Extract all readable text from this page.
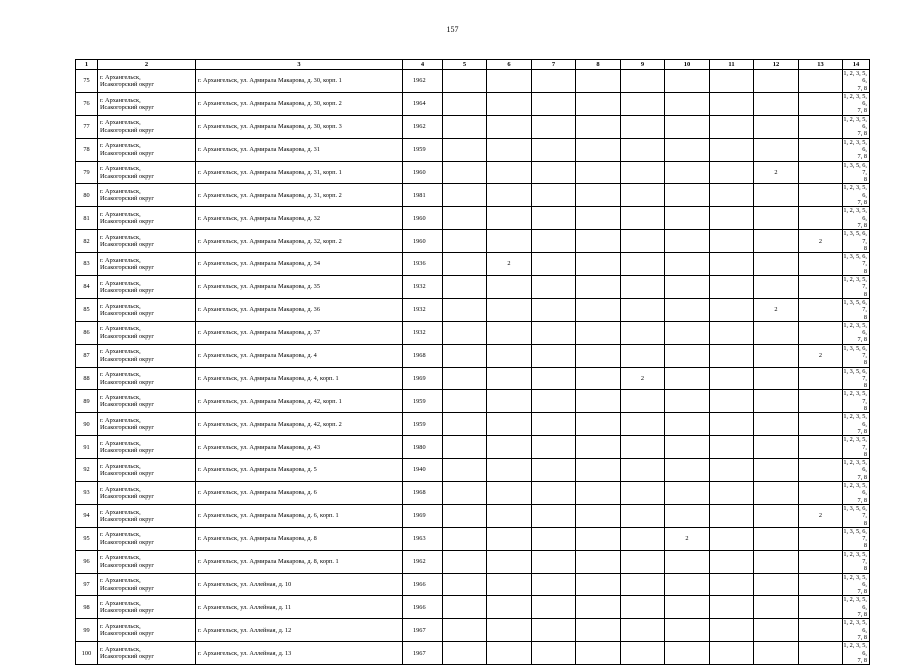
157
1	2	3	4	5	6	7	8	9	10	11	12	13	14
75	г. Архангельск,
Исакогорский округ	г. Архангельск, ул. Адмирала Макарова, д. 30, корп. 1	1962										1, 2, 3, 5, 6,
7, 8
76	г. Архангельск,
Исакогорский округ	г. Архангельск, ул. Адмирала Макарова, д. 30, корп. 2	1964										1, 2, 3, 5, 6,
7, 8
77	г. Архангельск,
Исакогорский округ	г. Архангельск, ул. Адмирала Макарова, д. 30, корп. 3	1962										1, 2, 3, 5, 6,
7, 8
78	г. Архангельск,
Исакогорский округ	г. Архангельск, ул. Адмирала Макарова, д. 31	1959										1, 2, 3, 5, 6,
7, 8
79	г. Архангельск,
Исакогорский округ	г. Архангельск, ул. Адмирала Макарова, д. 31, корп. 1	1960								2		1, 3, 5, 6, 7,
8
80	г. Архангельск,
Исакогорский округ	г. Архангельск, ул. Адмирала Макарова, д. 31, корп. 2	1981										1, 2, 3, 5, 6,
7, 8
81	г. Архангельск,
Исакогорский округ	г. Архангельск, ул. Адмирала Макарова, д. 32	1960										1, 2, 3, 5, 6,
7, 8
82	г. Архангельск,
Исакогорский округ	г. Архангельск, ул. Адмирала Макарова, д. 32, корп. 2	1960									2	1, 3, 5, 6, 7,
8
83	г. Архангельск,
Исакогорский округ	г. Архангельск, ул. Адмирала Макарова, д. 34	1936		2								1, 3, 5, 6, 7,
8
84	г. Архангельск,
Исакогорский округ	г. Архангельск, ул. Адмирала Макарова, д. 35	1932										1, 2, 3, 5, 7,
8
85	г. Архангельск,
Исакогорский округ	г. Архангельск, ул. Адмирала Макарова, д. 36	1932								2		1, 3, 5, 6, 7,
8
86	г. Архангельск,
Исакогорский округ	г. Архангельск, ул. Адмирала Макарова, д. 37	1932										1, 2, 3, 5, 6,
7, 8
87	г. Архангельск,
Исакогорский округ	г. Архангельск, ул. Адмирала Макарова, д. 4	1968									2	1, 3, 5, 6, 7,
8
88	г. Архангельск,
Исакогорский округ	г. Архангельск, ул. Адмирала Макарова, д. 4, корп. 1	1969					2					1, 3, 5, 6, 7,
8
89	г. Архангельск,
Исакогорский округ	г. Архангельск, ул. Адмирала Макарова, д. 42, корп. 1	1959										1, 2, 3, 5, 7,
8
90	г. Архангельск,
Исакогорский округ	г. Архангельск, ул. Адмирала Макарова, д. 42, корп. 2	1959										1, 2, 3, 5, 6,
7, 8
91	г. Архангельск,
Исакогорский округ	г. Архангельск, ул. Адмирала Макарова, д. 43	1980										1, 2, 3, 5, 7,
8
92	г. Архангельск,
Исакогорский округ	г. Архангельск, ул. Адмирала Макарова, д. 5	1940										1, 2, 3, 5, 6,
7, 8
93	г. Архангельск,
Исакогорский округ	г. Архангельск, ул. Адмирала Макарова, д. 6	1968										1, 2, 3, 5, 6,
7, 8
94	г. Архангельск,
Исакогорский округ	г. Архангельск, ул. Адмирала Макарова, д. 6, корп. 1	1969									2	1, 3, 5, 6, 7,
8
95	г. Архангельск,
Исакогорский округ	г. Архангельск, ул. Адмирала Макарова, д. 8	1963						2				1, 3, 5, 6, 7,
8
96	г. Архангельск,
Исакогорский округ	г. Архангельск, ул. Адмирала Макарова, д. 8, корп. 1	1962										1, 2, 3, 5, 7,
8
97	г. Архангельск,
Исакогорский округ	г. Архангельск, ул. Аллейная, д. 10	1966										1, 2, 3, 5, 6,
7, 8
98	г. Архангельск,
Исакогорский округ	г. Архангельск, ул. Аллейная, д. 11	1966										1, 2, 3, 5, 6,
7, 8
99	г. Архангельск,
Исакогорский округ	г. Архангельск, ул. Аллейная, д. 12	1967										1, 2, 3, 5, 6,
7, 8
100	г. Архангельск,
Исакогорский округ	г. Архангельск, ул. Аллейная, д. 13	1967										1, 2, 3, 5, 6,
7, 8
